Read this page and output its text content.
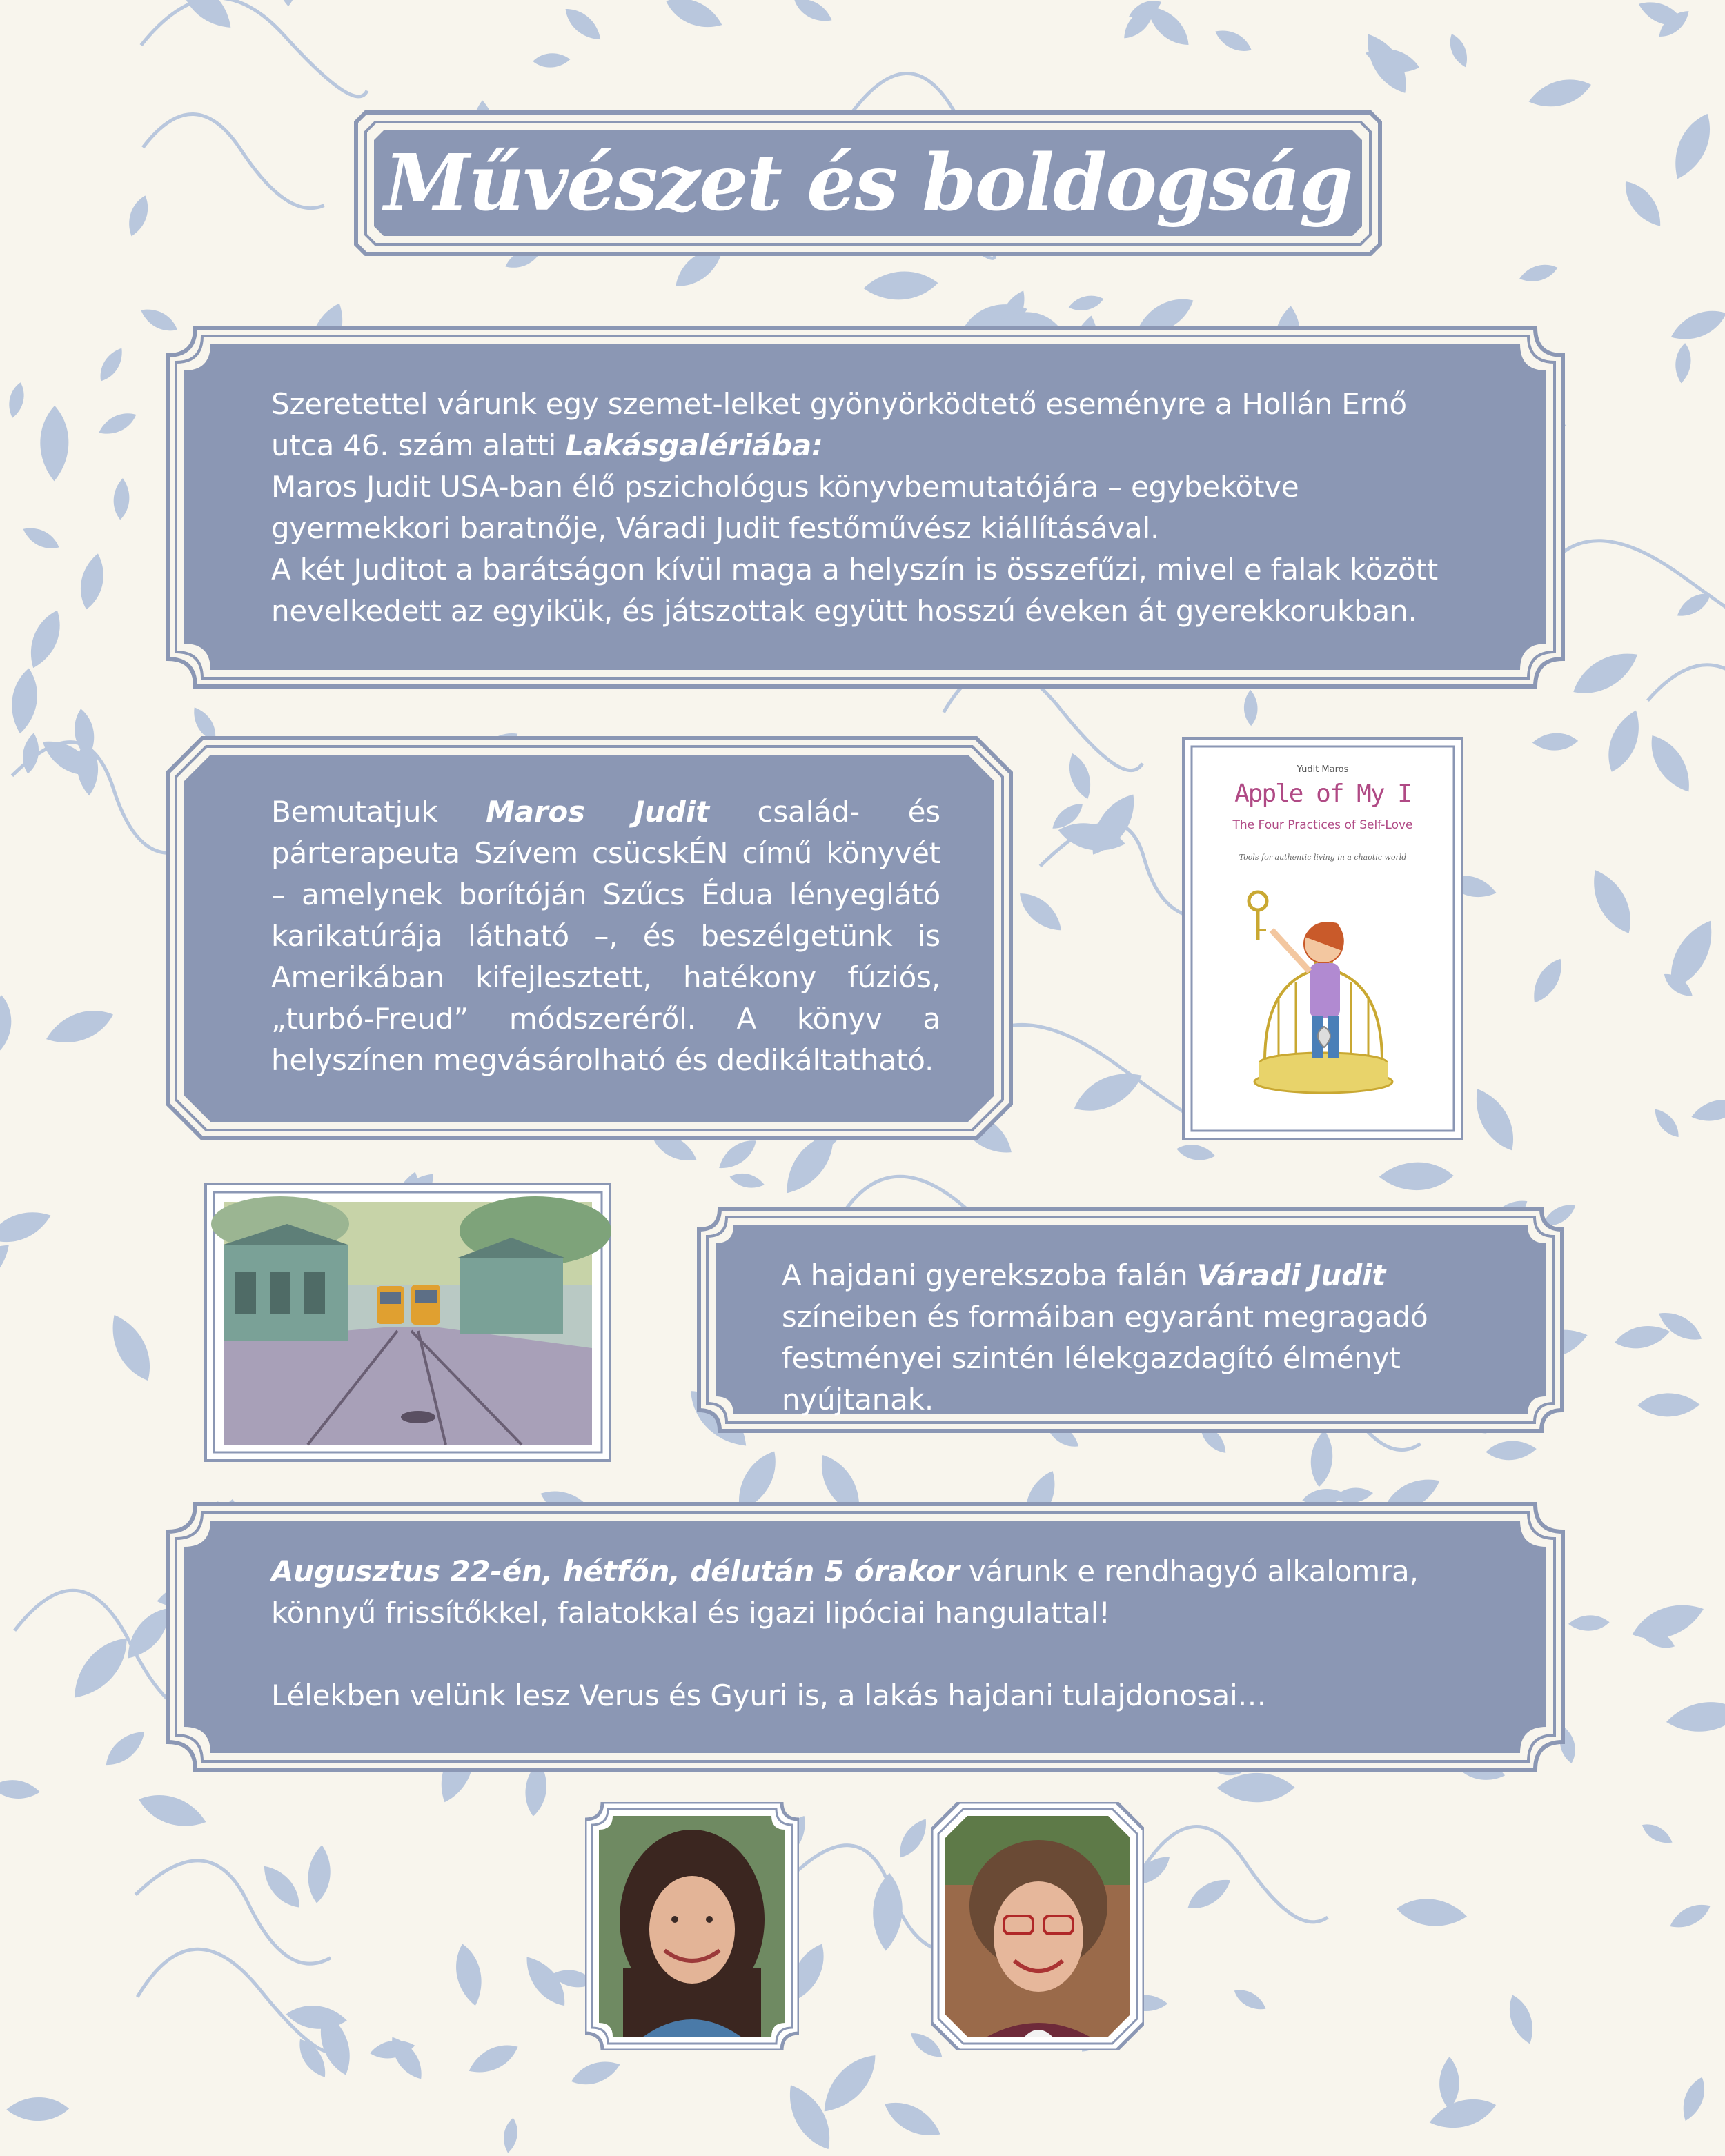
Művészet és boldogság

Szeretettel várunk egy szemet-lelket gyönyörködtető eseményre a Hollán Ernő utca 46. szám alatti Lakásgalériába:

Maros Judit USA-ban élő pszichológus könyvbemutatójára – egybekötve gyermekkori baratnője, Váradi Judit festőművész kiállításával.

A két Juditot a barátságon kívül maga a helyszín is összefűzi, mivel e falak között nevelkedett az egyikük, és játszottak együtt hosszú éveken át gyerekkorukban.

Bemutatjuk Maros Judit család- és párterapeuta Szívem csücskÉN című könyvét – amelynek borítóján Szűcs Édua lényeglátó karikatúrája látható –, és beszélgetünk is Amerikában kifejlesztett, hatékony fúziós, „turbó-Freud” módszeréről. A könyv a helyszínen megvásárolható és dedikáltatható.

Yudit Maros
Apple of My I
The Four Practices of Self-Love
Tools for authentic living in a chaotic world

A hajdani gyerekszoba falán Váradi Judit színeiben és formáiban egyaránt megragadó festményei szintén lélekgazdagító élményt nyújtanak.

Augusztus 22-én, hétfőn, délután 5 órakor várunk e rendhagyó alkalomra, könnyű frissítőkkel, falatokkal és igazi lipóciai hangulattal!

Lélekben velünk lesz Verus és Gyuri is, a lakás hajdani tulajdonosai…
